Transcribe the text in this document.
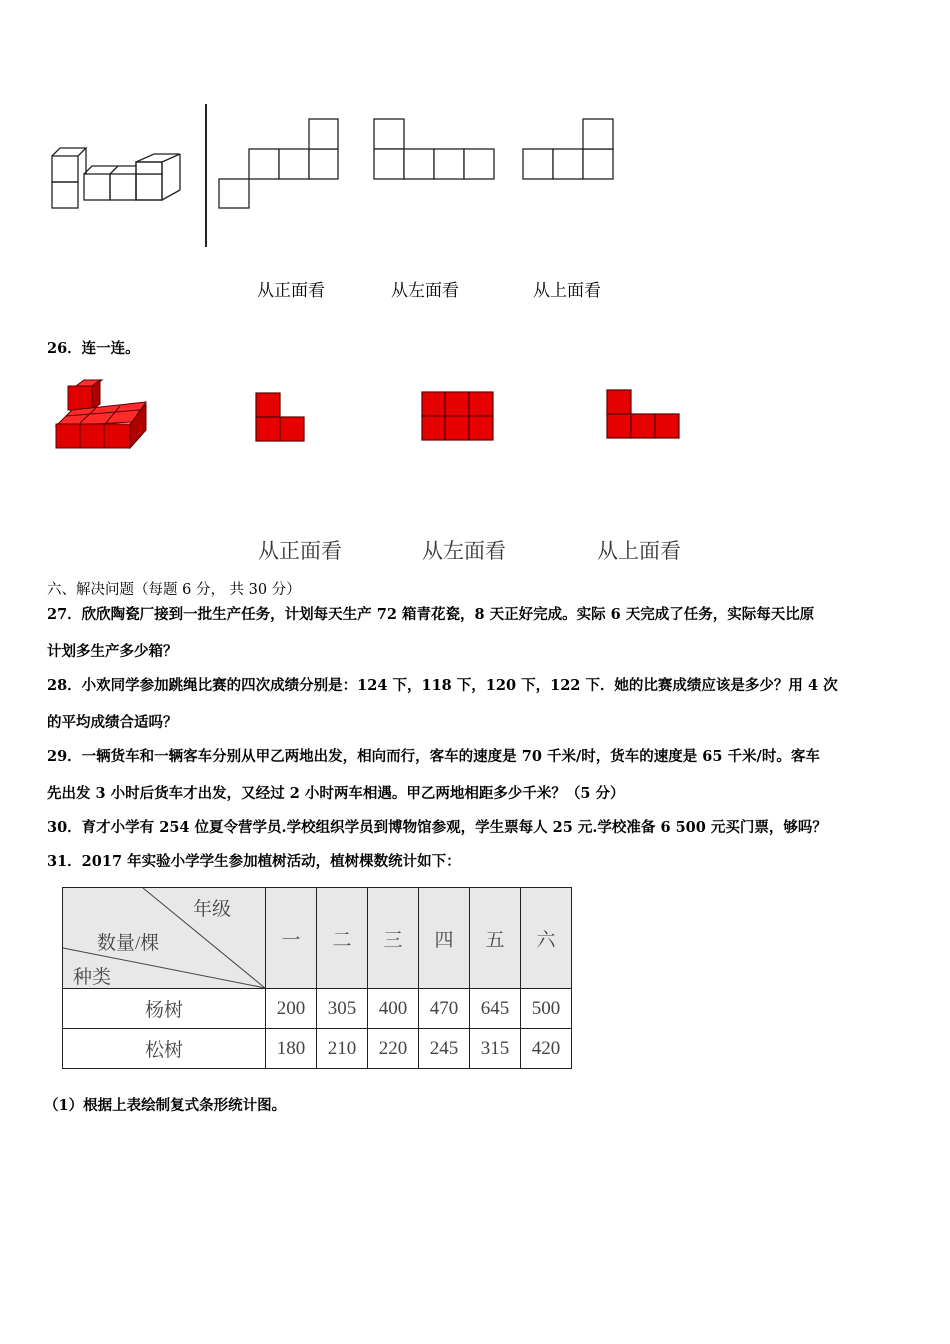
从正面看	从左面看	从上面看
26．连一连。
从正面看	从左面看	从上面看
六、解决问题（每题 6 分， 共 30 分）
27．欣欣陶瓷厂接到一批生产任务，计划每天生产 72 箱青花瓷，8 天正好完成。实际 6 天完成了任务，实际每天比原
计划多生产多少箱？
28．小欢同学参加跳绳比赛的四次成绩分别是：124 下，118 下，120 下，122 下．她的比赛成绩应该是多少？用 4 次
的平均成绩合适吗？
29．一辆货车和一辆客车分别从甲乙两地出发，相向而行，客车的速度是 70 千米/时，货车的速度是 65 千米/时。客车
先出发 3 小时后货车才出发，又经过 2 小时两车相遇。甲乙两地相距多少千米？（5 分）
30．育才小学有 254 位夏令营学员.学校组织学员到博物馆参观，学生票每人 25 元.学校准备 6 500 元买门票，够吗？
31．2017 年实验小学学生参加植树活动，植树棵数统计如下：
年级
数量/棵
种类	一	二	三	四	五	六
杨树	200	305	400	470	645	500
松树	180	210	220	245	315	420
（1）根据上表绘制复式条形统计图。
